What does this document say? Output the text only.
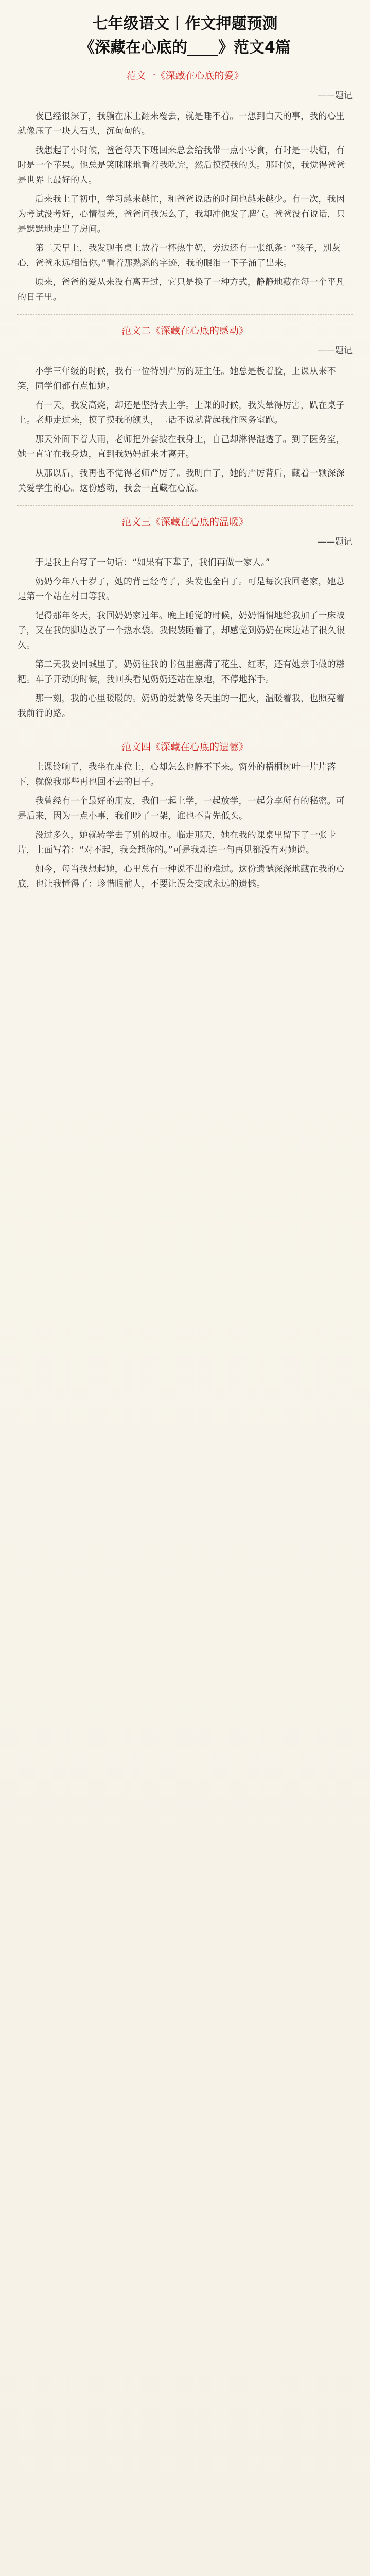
七年级语文丨作文押题预测
《深藏在心底的____》范文4篇
范文一《深藏在心底的爱》
——题记

夜已经很深了，我躺在床上翻来覆去，就是睡不着。一想到白天的事，我的心里就像压了一块大石头，沉甸甸的。

我想起了小时候，爸爸每天下班回来总会给我带一点小零食，有时是一块糖，有时是一个苹果。他总是笑眯眯地看着我吃完，然后摸摸我的头。那时候，我觉得爸爸是世界上最好的人。

后来我上了初中，学习越来越忙，和爸爸说话的时间也越来越少。有一次，我因为考试没考好，心情很差，爸爸问我怎么了，我却冲他发了脾气。爸爸没有说话，只是默默地走出了房间。

第二天早上，我发现书桌上放着一杯热牛奶，旁边还有一张纸条：“孩子，别灰心，爸爸永远相信你。”看着那熟悉的字迹，我的眼泪一下子涌了出来。

原来，爸爸的爱从来没有离开过，它只是换了一种方式，静静地藏在每一个平凡的日子里。

范文二《深藏在心底的感动》
——题记

小学三年级的时候，我有一位特别严厉的班主任。她总是板着脸，上课从来不笑，同学们都有点怕她。

有一天，我发高烧，却还是坚持去上学。上课的时候，我头晕得厉害，趴在桌子上。老师走过来，摸了摸我的额头，二话不说就背起我往医务室跑。

那天外面下着大雨，老师把外套披在我身上，自己却淋得湿透了。到了医务室，她一直守在我身边，直到我妈妈赶来才离开。

从那以后，我再也不觉得老师严厉了。我明白了，她的严厉背后，藏着一颗深深关爱学生的心。这份感动，我会一直藏在心底。

范文三《深藏在心底的温暖》
——题记

于是我上台写了一句话：“如果有下辈子，我们再做一家人。”

奶奶今年八十岁了，她的背已经弯了，头发也全白了。可是每次我回老家，她总是第一个站在村口等我。

记得那年冬天，我回奶奶家过年。晚上睡觉的时候，奶奶悄悄地给我加了一床被子，又在我的脚边放了一个热水袋。我假装睡着了，却感觉到奶奶在床边站了很久很久。

第二天我要回城里了，奶奶往我的书包里塞满了花生、红枣，还有她亲手做的糍粑。车子开动的时候，我回头看见奶奶还站在原地，不停地挥手。

那一刻，我的心里暖暖的。奶奶的爱就像冬天里的一把火，温暖着我，也照亮着我前行的路。

范文四《深藏在心底的遗憾》

上课铃响了，我坐在座位上，心却怎么也静不下来。窗外的梧桐树叶一片片落下，就像我那些再也回不去的日子。

我曾经有一个最好的朋友，我们一起上学，一起放学，一起分享所有的秘密。可是后来，因为一点小事，我们吵了一架，谁也不肯先低头。

没过多久，她就转学去了别的城市。临走那天，她在我的课桌里留下了一张卡片，上面写着：“对不起，我会想你的。”可是我却连一句再见都没有对她说。

如今，每当我想起她，心里总有一种说不出的难过。这份遗憾深深地藏在我的心底，也让我懂得了：珍惜眼前人，不要让误会变成永远的遗憾。
